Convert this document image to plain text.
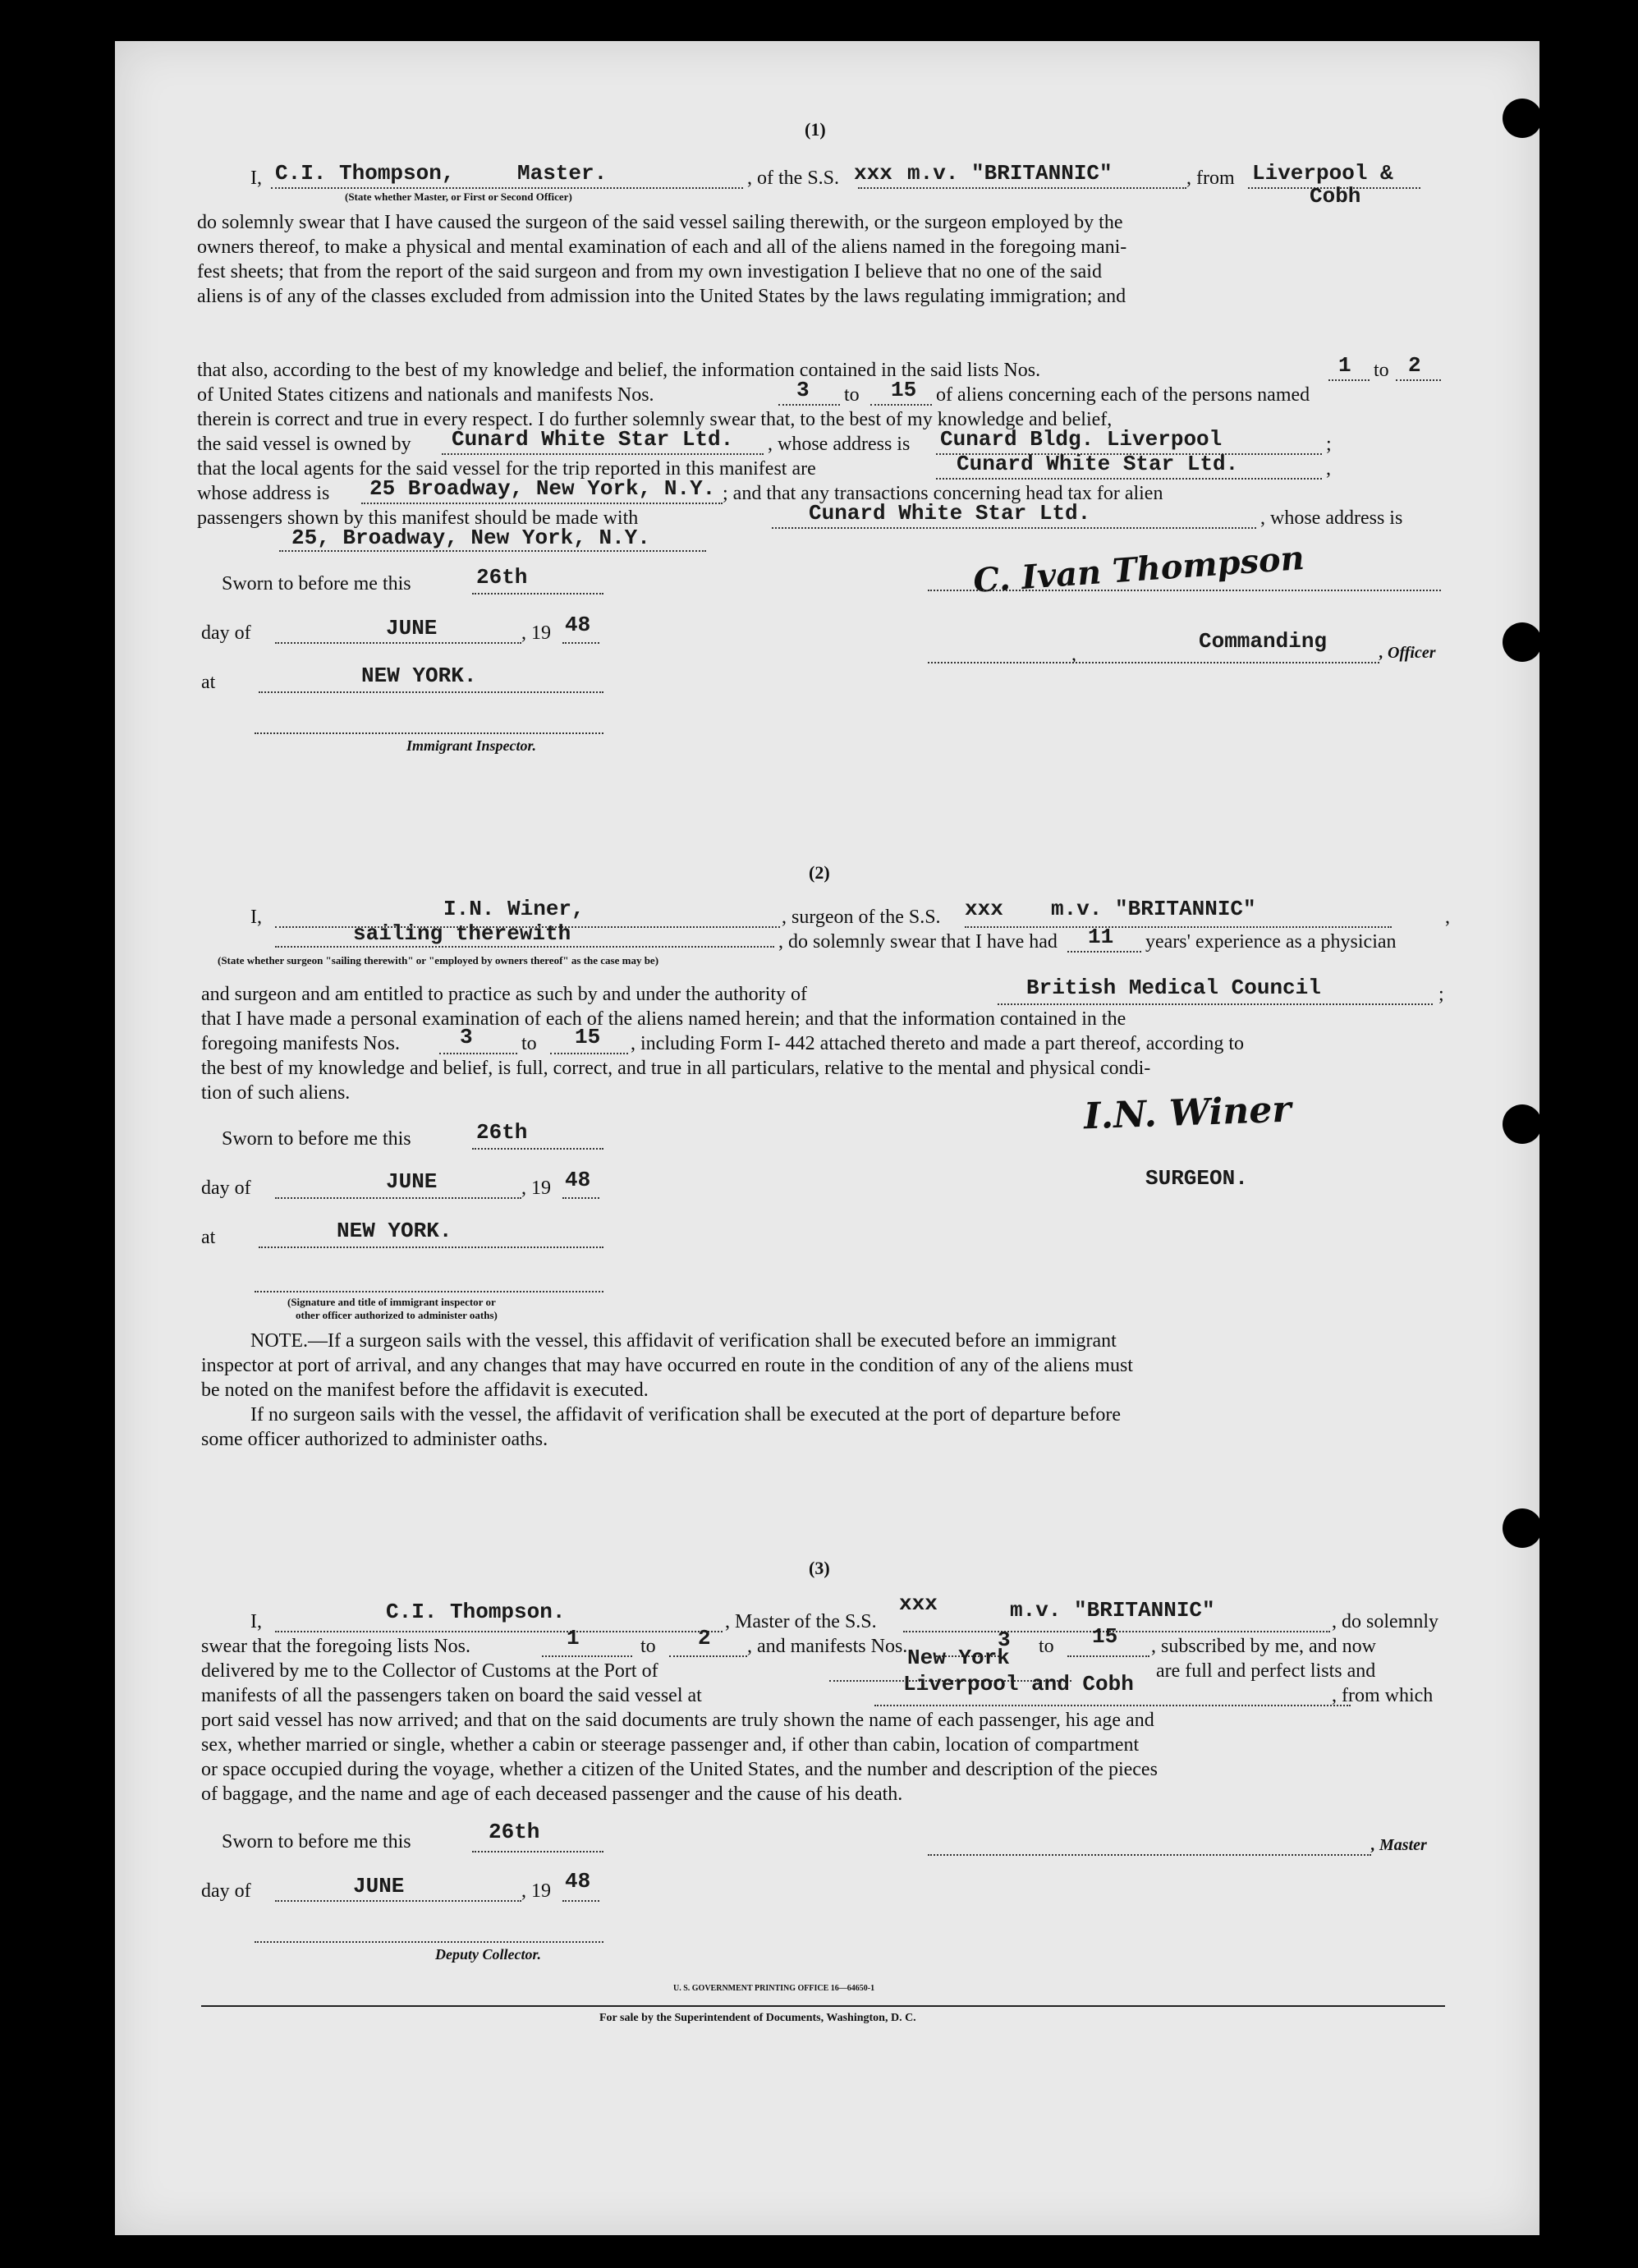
(1)
I, C.I. Thompson,	Master.	, of the S.S. xxx m.v. "BRITANNIC"	, from Liverpool &
Cobh
(State whether Master, or First or Second Officer)
do solemnly swear that I have caused the surgeon of the said vessel sailing therewith, or the surgeon employed by the
owners thereof, to make a physical and mental examination of each and all of the aliens named in the foregoing mani-
fest sheets; that from the report of the said surgeon and from my own investigation I believe that no one of the said
aliens is of any of the classes excluded from admission into the United States by the laws regulating immigration; and
that also, according to the best of my knowledge and belief, the information contained in the said lists Nos.	1 to 2
of United States citizens and nationals and manifests Nos.	3 to 15 of aliens concerning each of the persons named
therein is correct and true in every respect. I do further solemnly swear that, to the best of my knowledge and belief,
the said vessel is owned by Cunard White Star Ltd. , whose address is Cunard Bldg. Liverpool	;
that the local agents for the said vessel for the trip reported in this manifest are	Cunard White Star Ltd.	,
whose address is 25 Broadway, New York, N.Y. ; and that any transactions concerning head tax for alien
passengers shown by this manifest should be made with	Cunard White Star Ltd.	, whose address is
25, Broadway, New York, N.Y.
C. Ivan Thompson
Sworn to before me this	26th
day of	JUNE	, 19 48
at	NEW YORK.
Immigrant Inspector.
,
Commanding	, Officer
(2)
I,	I.N. Winer,
sailing therewith
, surgeon of the S.S. xxx m.v. "BRITANNIC"	,
, do solemnly swear that I have had 11 years' experience as a physician
(State whether surgeon "sailing therewith" or "employed by owners thereof" as the case may be)
and surgeon and am entitled to practice as such by and under the authority of	British Medical Council	;
that I have made a personal examination of each of the aliens named herein; and that the information contained in the
foregoing manifests Nos.	3 to 15 , including Form I- 442 attached thereto and made a part thereof, according to
the best of my knowledge and belief, is full, correct, and true in all particulars, relative to the mental and physical condi-
tion of such aliens.	I.N. Winer
Sworn to before me this	26th
day of	JUNE	, 19 48
at	NEW YORK.
SURGEON.
(Signature and title of immigrant inspector or
other officer authorized to administer oaths)
NOTE.—If a surgeon sails with the vessel, this affidavit of verification shall be executed before an immigrant
inspector at port of arrival, and any changes that may have occurred en route in the condition of any of the aliens must
be noted on the manifest before the affidavit is executed.
If no surgeon sails with the vessel, the affidavit of verification shall be executed at the port of departure before
some officer authorized to administer oaths.
(3)
I,	C.I. Thompson.	, Master of the S.S.
xxx	m.v. "BRITANNIC"	, do solemnly
swear that the foregoing lists Nos.	1	to 2 , and manifests Nos.	3 to 15 , subscribed by me, and now
delivered by me to the Collector of Customs at the Port of
New York
are full and perfect lists and
manifests of all the passengers taken on board the said vessel at	Liverpool and Cobh	, from which
port said vessel has now arrived; and that on the said documents are truly shown the name of each passenger, his age and
sex, whether married or single, whether a cabin or steerage passenger and, if other than cabin, location of compartment
or space occupied during the voyage, whether a citizen of the United States, and the number and description of the pieces
of baggage, and the name and age of each deceased passenger and the cause of his death.
Sworn to before me this	26th
, Master
day of	JUNE	, 19 48
Deputy Collector.
U. S. GOVERNMENT PRINTING OFFICE 16—64650-1
For sale by the Superintendent of Documents, Washington, D. C.
